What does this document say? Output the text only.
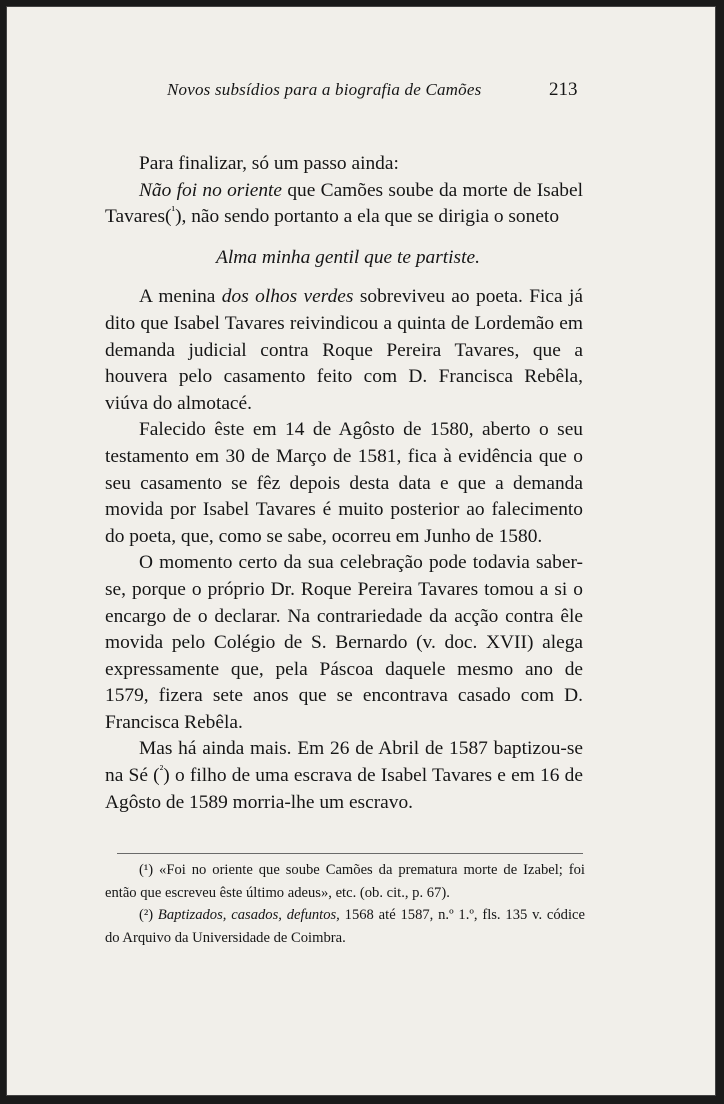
Novos subsídios para a biografia de Camões	213

Para finalizar, só um passo ainda:

Não foi no oriente que Camões soube da morte de Isabel Tavares($^{^1}$), não sendo portanto a ela que se dirigia o soneto

Alma minha gentil que te partiste.

A menina dos olhos verdes sobreviveu ao poeta. Fica já dito que Isabel Tavares reivindicou a quinta de Lordemão em demanda judicial contra Roque Pereira Tavares, que a houvera pelo casamento feito com D. Francisca Rebêla, viúva do almotacé.

Falecido êste em 14 de Agôsto de 1580, aberto o seu testamento em 30 de Março de 1581, fica à evidência que o seu casamento se fêz depois desta data e que a demanda movida por Isabel Tavares é muito posterior ao falecimento do poeta, que, como se sabe, ocorreu em Junho de 1580.

O momento certo da sua celebração pode todavia saber-se, porque o próprio Dr. Roque Pereira Tavares tomou a si o encargo de o declarar. Na contrariedade da acção contra êle movida pelo Colégio de S. Bernardo (v. doc. XVII) alega expressamente que, pela Páscoa daquele mesmo ano de 1579, fizera sete anos que se encontrava casado com D. Francisca Rebêla.

Mas há ainda mais. Em 26 de Abril de 1587 baptizou-se na Sé ($^{^2}$) o filho de uma escrava de Isabel Tavares e em 16 de Agôsto de 1589 morria-lhe um escravo.

(¹) «Foi no oriente que soube Camões da prematura morte de Izabel; foi então que escreveu êste último adeus», etc. (ob. cit., p. 67).

(²) Baptizados, casados, defuntos, 1568 até 1587, n.º 1.º, fls. 135 v. códice do Arquivo da Universidade de Coimbra.
